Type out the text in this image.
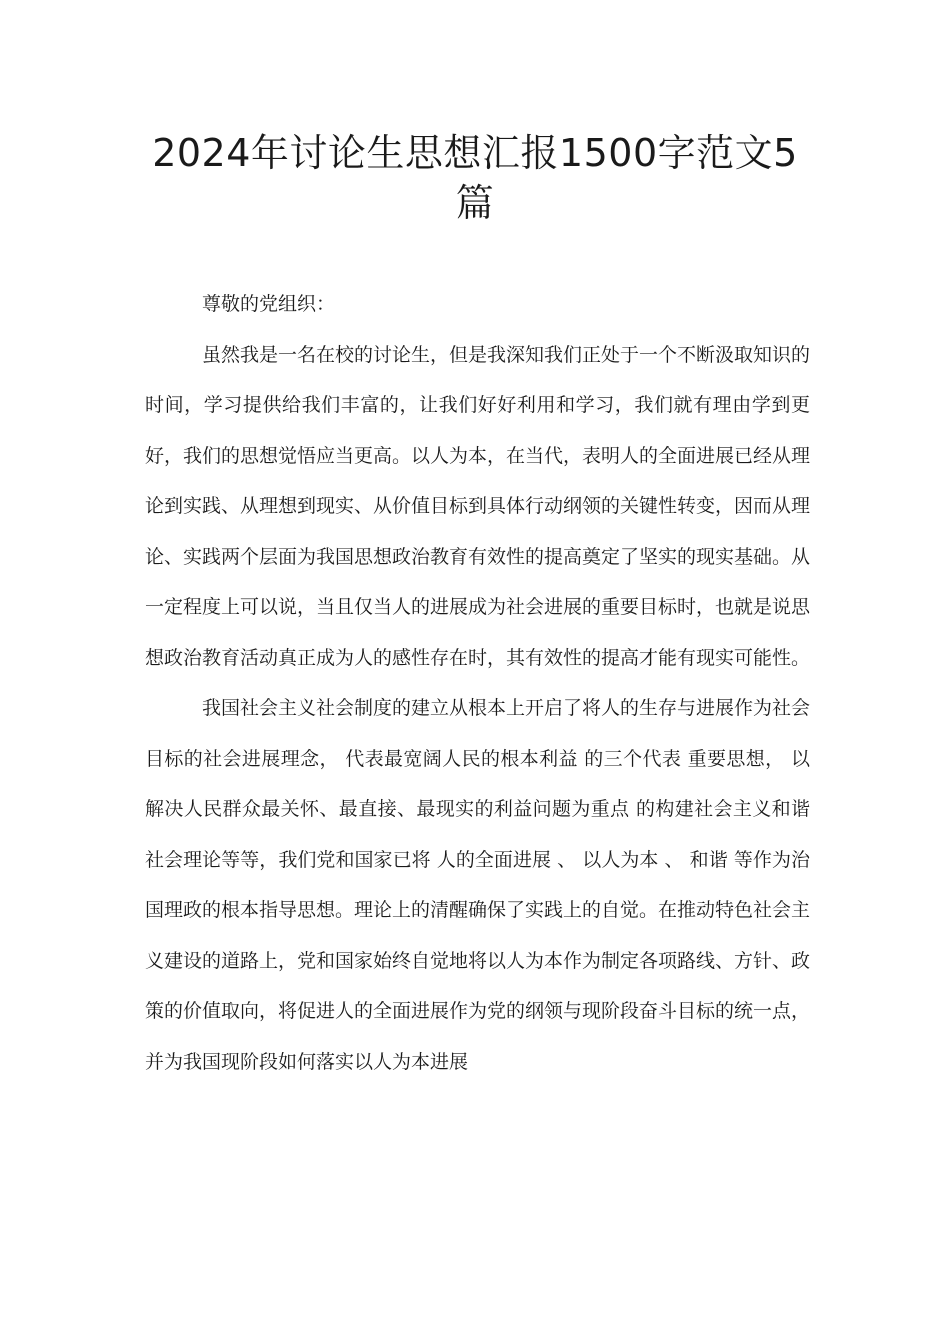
2024年讨论生思想汇报1500字范文5
篇

尊敬的党组织：

虽然我是一名在校的讨论生，但是我深知我们正处于一个不断汲取知识的时间，学习提供给我们丰富的，让我们好好利用和学习，我们就有理由学到更好，我们的思想觉悟应当更高。以人为本，在当代，表明人的全面进展已经从理论到实践、从理想到现实、从价值目标到具体行动纲领的关键性转变，因而从理论、实践两个层面为我国思想政治教育有效性的提高奠定了坚实的现实基础。从一定程度上可以说，当且仅当人的进展成为社会进展的重要目标时，也就是说思想政治教育活动真正成为人的感性存在时，其有效性的提高才能有现实可能性。

我国社会主义社会制度的建立从根本上开启了将人的生存与进展作为社会目标的社会进展理念， 代表最宽阔人民的根本利益 的三个代表 重要思想， 以解决人民群众最关怀、最直接、最现实的利益问题为重点 的构建社会主义和谐社会理论等等，我们党和国家已将 人的全面进展 、 以人为本 、 和谐 等作为治国理政的根本指导思想。理论上的清醒确保了实践上的自觉。在推动特色社会主义建设的道路上，党和国家始终自觉地将以人为本作为制定各项路线、方针、政策的价值取向，将促进人的全面进展作为党的纲领与现阶段奋斗目标的统一点，并为我国现阶段如何落实以人为本进展
